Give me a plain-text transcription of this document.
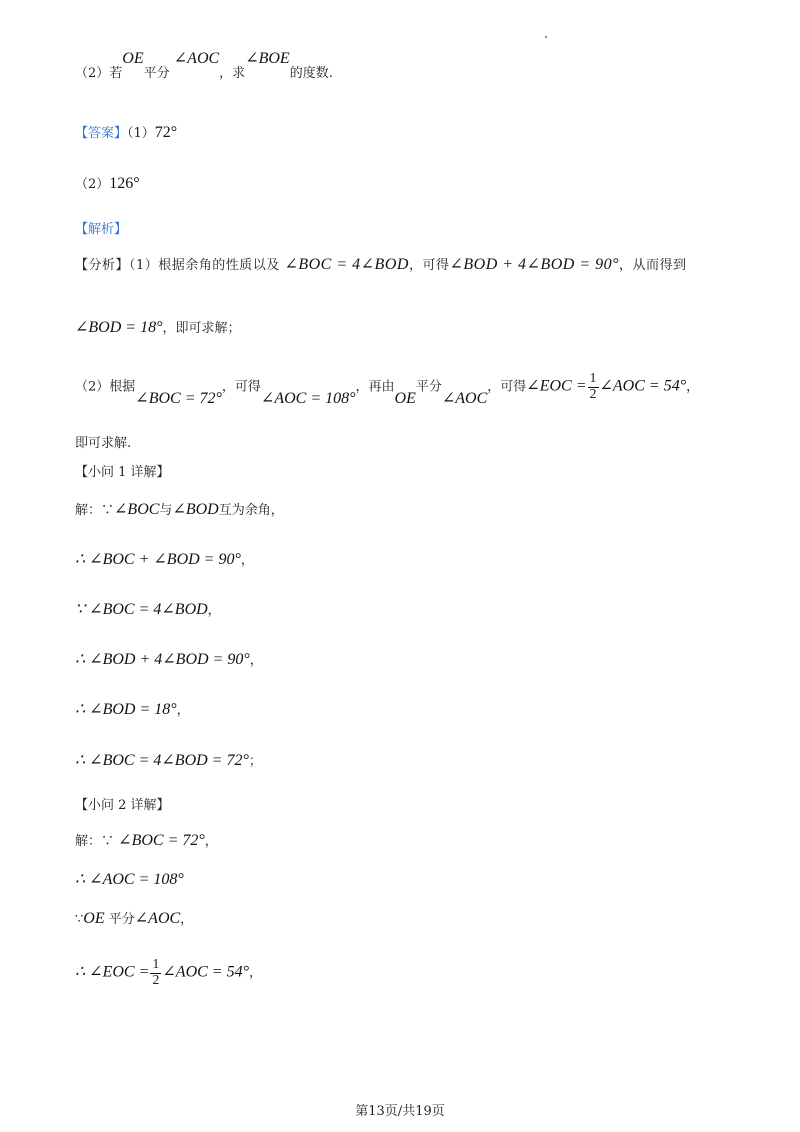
（2）若OE平分 ∠AOC，求∠BOE的度数.
【答案】（1）72°
（2）126°
【解析】
【分析】（1）根据余角的性质以及 ∠BOC = 4∠BOD，可得∠BOD + 4∠BOD = 90°，从而得到
∠BOD = 18°，即可求解；
（2）根据∠BOC = 72°，可得∠AOC = 108°，再由OE平分∠AOC，可得∠EOC = $\frac{1}{2}$ ∠AOC = 54°，
即可求解.
【小问 1 详解】
解：∵∠BOC与∠BOD互为余角，
∴ ∠BOC + ∠BOD = 90°，
∵ ∠BOC = 4∠BOD，
∴ ∠BOD + 4∠BOD = 90°，
∴ ∠BOD = 18°，
∴ ∠BOC = 4∠BOD = 72°；
【小问 2 详解】
解：∵ ∠BOC = 72°，
∴ ∠AOC = 108°
∵OE 平分∠AOC，
∴ ∠EOC = $\frac{1}{2}$ ∠AOC = 54°，
第13页/共19页
